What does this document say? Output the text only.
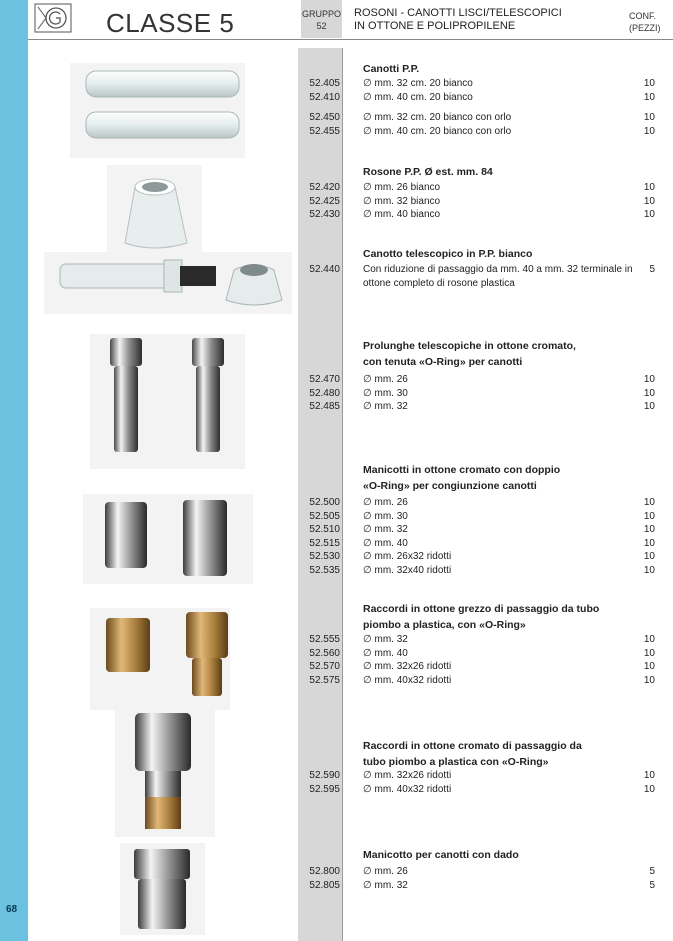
68
CLASSE 5	GRUPPO
52
ROSONI - CANOTTI LISCI/TELESCOPICI
IN OTTONE E POLIPROPILENE
CONF.
(PEZZI)
Canotti P.P.
52.405
52.410
52.450
52.455
∅ mm. 32 cm. 20 bianco
∅ mm. 40 cm. 20 bianco
∅ mm. 32 cm. 20 bianco con orlo
∅ mm. 40 cm. 20 bianco con orlo
10
10
10
10
Rosone P.P. Ø est. mm. 84
52.420
52.425
52.430
∅ mm. 26 bianco
∅ mm. 32 bianco
∅ mm. 40 bianco
10
10
10
Canotto telescopico in P.P. bianco
52.440 Con riduzione di passaggio da mm. 40 a mm. 32 terminale in
ottone completo di rosone plastica
5
Prolunghe telescopiche in ottone cromato,
con tenuta «O-Ring» per canotti
52.470
52.480
52.485
∅ mm. 26
∅ mm. 30
∅ mm. 32
10
10
10
Manicotti in ottone cromato con doppio
«O-Ring» per congiunzione canotti
52.500
52.505
52.510
52.515
52.530
52.535
∅ mm. 26
∅ mm. 30
∅ mm. 32
∅ mm. 40
∅ mm. 26x32 ridotti
∅ mm. 32x40 ridotti
10
10
10
10
10
10
Raccordi in ottone grezzo di passaggio da tubo
piombo a plastica, con «O-Ring»
52.555
52.560
52.570
52.575
∅ mm. 32
∅ mm. 40
∅ mm. 32x26 ridotti
∅ mm. 40x32 ridotti
10
10
10
10
Raccordi in ottone cromato di passaggio da
tubo piombo a plastica con «O-Ring»
52.590
52.595
∅ mm. 32x26 ridotti
∅ mm. 40x32 ridotti
10
10
Manicotto per canotti con dado
52.800
52.805
∅ mm. 26
∅ mm. 32
5
5
